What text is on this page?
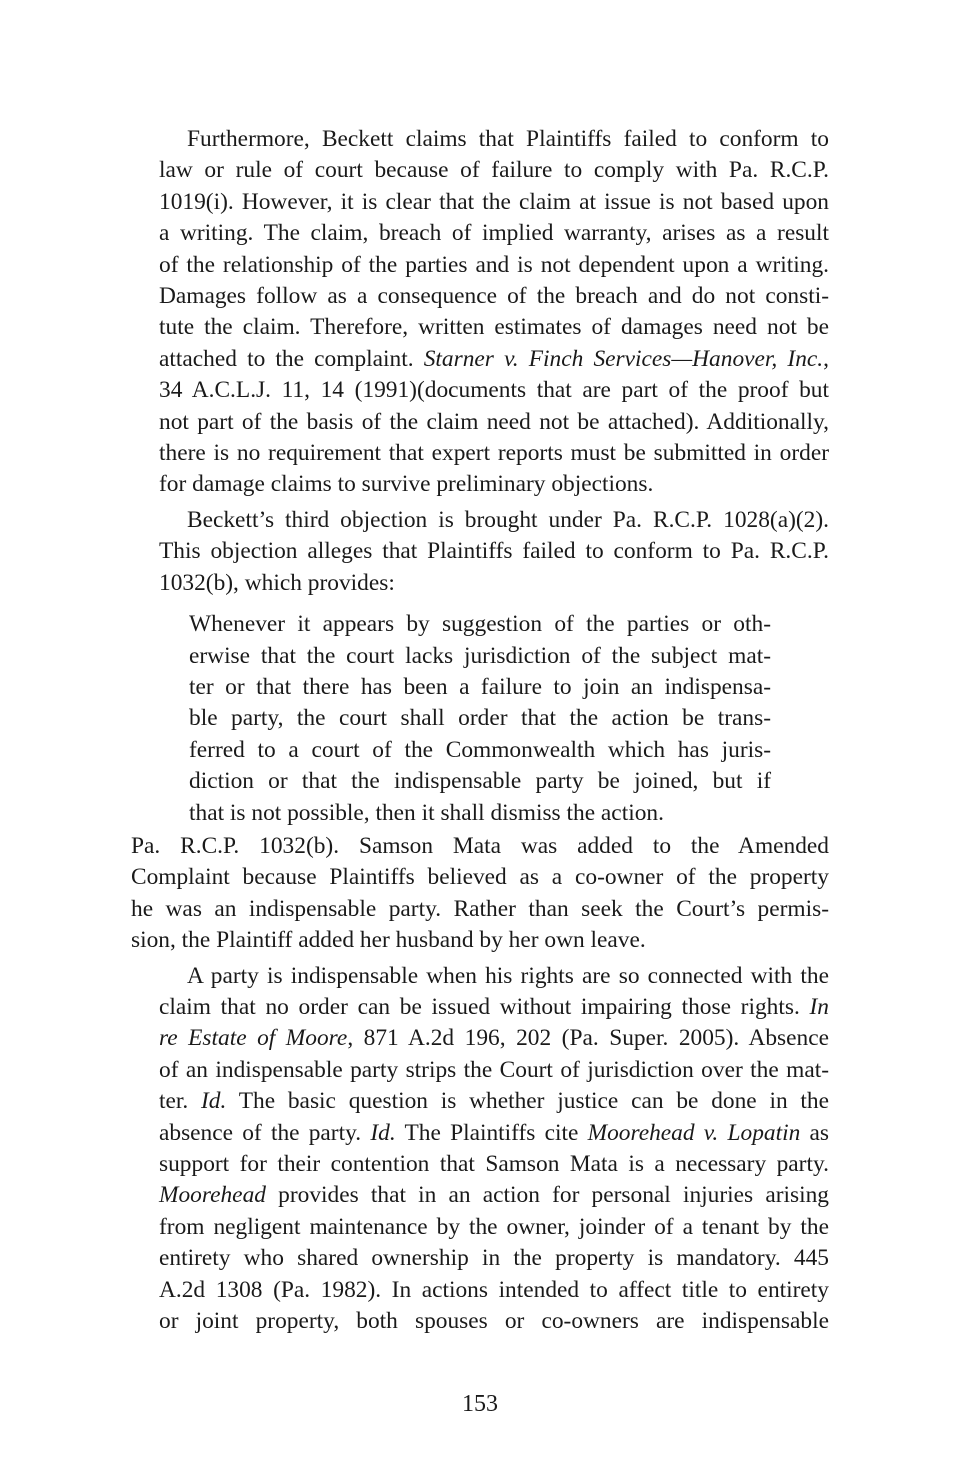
Furthermore, Beckett claims that Plaintiffs failed to conform to
law or rule of court because of failure to comply with Pa. R.C.P.
1019(i). However, it is clear that the claim at issue is not based upon
a writing. The claim, breach of implied warranty, arises as a result
of the relationship of the parties and is not dependent upon a writing.
Damages follow as a consequence of the breach and do not consti-
tute the claim. Therefore, written estimates of damages need not be
attached to the complaint. Starner v. Finch Services—Hanover, Inc.,
34 A.C.L.J. 11, 14 (1991)(documents that are part of the proof but
not part of the basis of the claim need not be attached). Additionally,
there is no requirement that expert reports must be submitted in order
for damage claims to survive preliminary objections.
Beckett’s third objection is brought under Pa. R.C.P. 1028(a)(2).
This objection alleges that Plaintiffs failed to conform to Pa. R.C.P.
1032(b), which provides:
Whenever it appears by suggestion of the parties or oth-
erwise that the court lacks jurisdiction of the subject mat-
ter or that there has been a failure to join an indispensa-
ble party, the court shall order that the action be trans-
ferred to a court of the Commonwealth which has juris-
diction or that the indispensable party be joined, but if
that is not possible, then it shall dismiss the action.
Pa. R.C.P. 1032(b). Samson Mata was added to the Amended
Complaint because Plaintiffs believed as a co-owner of the property
he was an indispensable party. Rather than seek the Court’s permis-
sion, the Plaintiff added her husband by her own leave.
A party is indispensable when his rights are so connected with the
claim that no order can be issued without impairing those rights. In
re Estate of Moore, 871 A.2d 196, 202 (Pa. Super. 2005). Absence
of an indispensable party strips the Court of jurisdiction over the mat-
ter. Id. The basic question is whether justice can be done in the
absence of the party. Id. The Plaintiffs cite Moorehead v. Lopatin as
support for their contention that Samson Mata is a necessary party.
Moorehead provides that in an action for personal injuries arising
from negligent maintenance by the owner, joinder of a tenant by the
entirety who shared ownership in the property is mandatory. 445
A.2d 1308 (Pa. 1982). In actions intended to affect title to entirety
or joint property, both spouses or co-owners are indispensable
153
